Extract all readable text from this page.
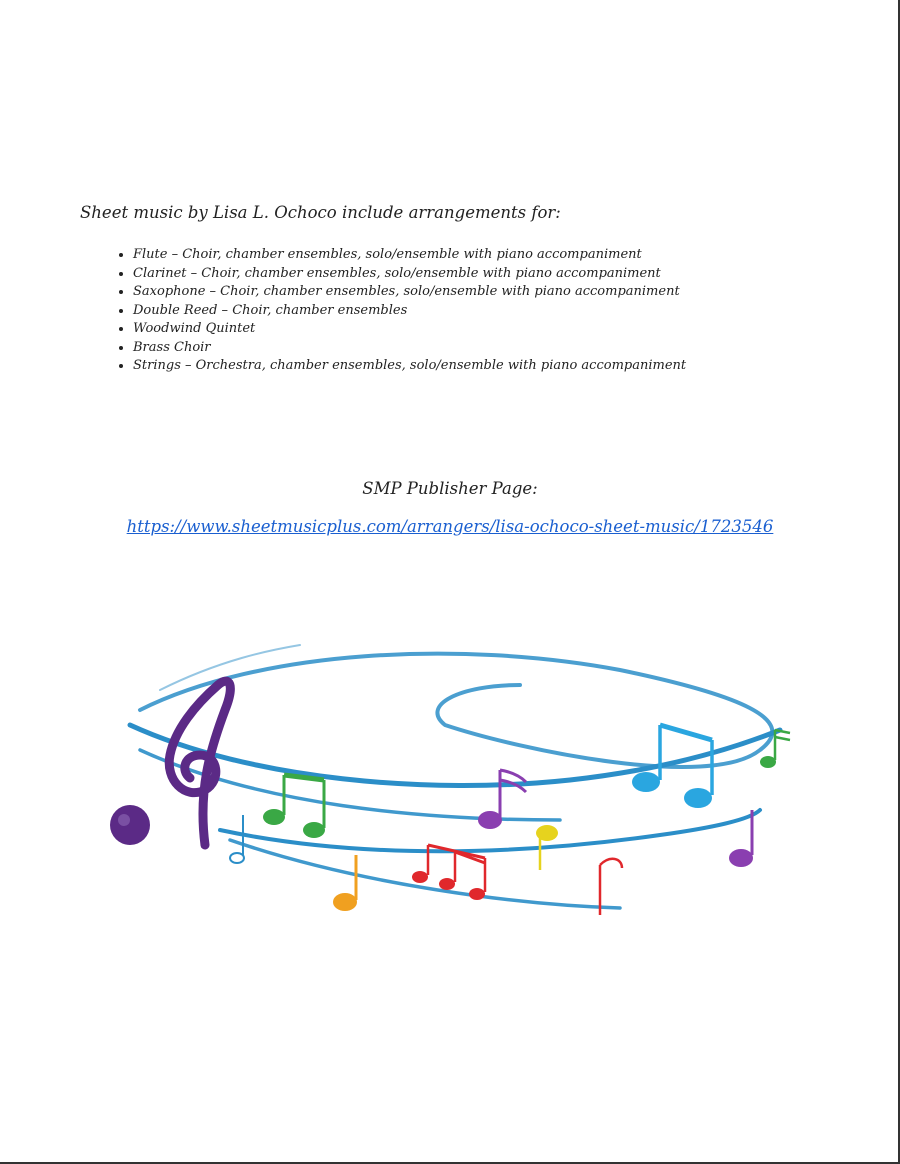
Sheet music by Lisa L. Ochoco include arrangements for:

• Flute – Choir, chamber ensembles, solo/ensemble with piano accompaniment
• Clarinet – Choir, chamber ensembles, solo/ensemble with piano accompaniment
• Saxophone – Choir, chamber ensembles, solo/ensemble with piano accompaniment
• Double Reed – Choir, chamber ensembles
• Woodwind Quintet
• Brass Choir
• Strings – Orchestra, chamber ensembles, solo/ensemble with piano accompaniment
SMP Publisher Page:
https://www.sheetmusicplus.com/arrangers/lisa-ochoco-sheet-music/1723546
